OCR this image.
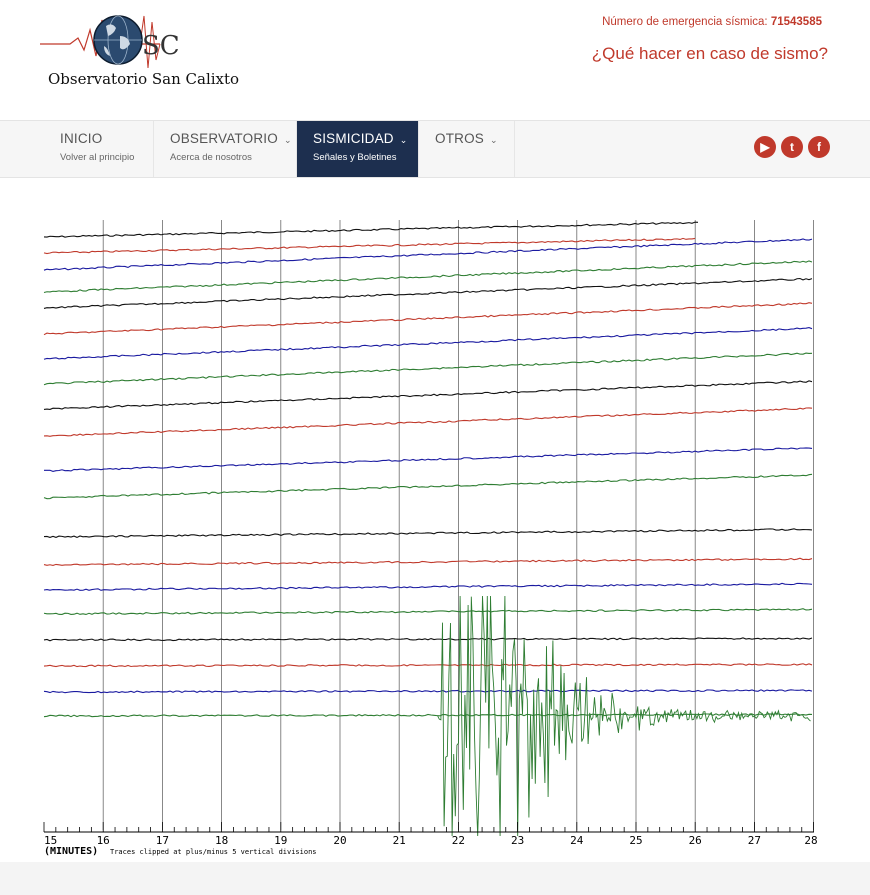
SC
Observatorio San Calixto
Número de emergencia sísmica: 71543585
¿Qué hacer en caso de sismo?
INICIO
Volver al principio
OBSERVATORIO ⌄
Acerca de nosotros
SISMICIDAD ⌄
Señales y Boletines
OTROS ⌄	▶	t	f
15	16	17	18	19	20	21	22	23	24	25	26	27	28
(MINUTES) Traces clipped at plus/minus 5 vertical divisions
